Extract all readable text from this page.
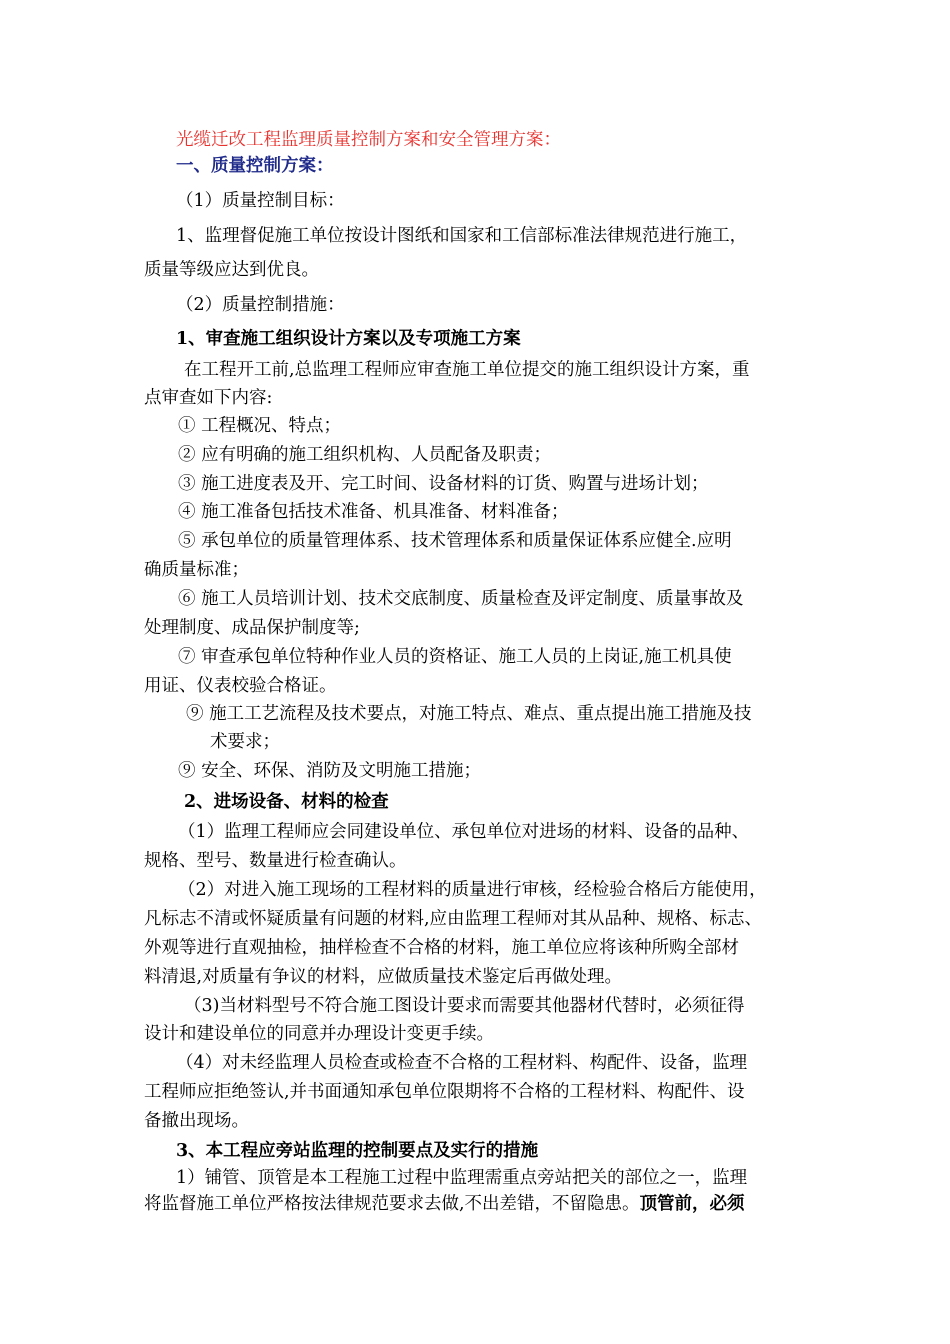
光缆迁改工程监理质量控制方案和安全管理方案：
一、质量控制方案：
（1）质量控制目标：
1、监理督促施工单位按设计图纸和国家和工信部标准法律规范进行施工，
质量等级应达到优良。
（2）质量控制措施：
1、审查施工组织设计方案以及专项施工方案
在工程开工前,总监理工程师应审查施工单位提交的施工组织设计方案，重
点审查如下内容:
① 工程概况、特点；
② 应有明确的施工组织机构、人员配备及职责；
③ 施工进度表及开、完工时间、设备材料的订货、购置与进场计划；
④ 施工准备包括技术准备、机具准备、材料准备；
⑤ 承包单位的质量管理体系、技术管理体系和质量保证体系应健全.应明
确质量标准；
⑥ 施工人员培训计划、技术交底制度、质量检查及评定制度、质量事故及
处理制度、成品保护制度等;
⑦ 审查承包单位特种作业人员的资格证、施工人员的上岗证,施工机具使
用证、仪表校验合格证。
⑨ 施工工艺流程及技术要点，对施工特点、难点、重点提出施工措施及技
术要求；
⑨ 安全、环保、消防及文明施工措施；
2、进场设备、材料的检查
（1）监理工程师应会同建设单位、承包单位对进场的材料、设备的品种、
规格、型号、数量进行检查确认。
（2）对进入施工现场的工程材料的质量进行审核，经检验合格后方能使用，
凡标志不清或怀疑质量有问题的材料,应由监理工程师对其从品种、规格、标志、
外观等进行直观抽检，抽样检查不合格的材料，施工单位应将该种所购全部材
料清退,对质量有争议的材料，应做质量技术鉴定后再做处理。
（3)当材料型号不符合施工图设计要求而需要其他器材代替时，必须征得
设计和建设单位的同意并办理设计变更手续。
（4）对未经监理人员检查或检查不合格的工程材料、构配件、设备，监理
工程师应拒绝签认,并书面通知承包单位限期将不合格的工程材料、构配件、设
备撤出现场。
3、本工程应旁站监理的控制要点及实行的措施
1）铺管、顶管是本工程施工过程中监理需重点旁站把关的部位之一，监理
将监督施工单位严格按法律规范要求去做,不出差错，不留隐患。顶管前，必须
